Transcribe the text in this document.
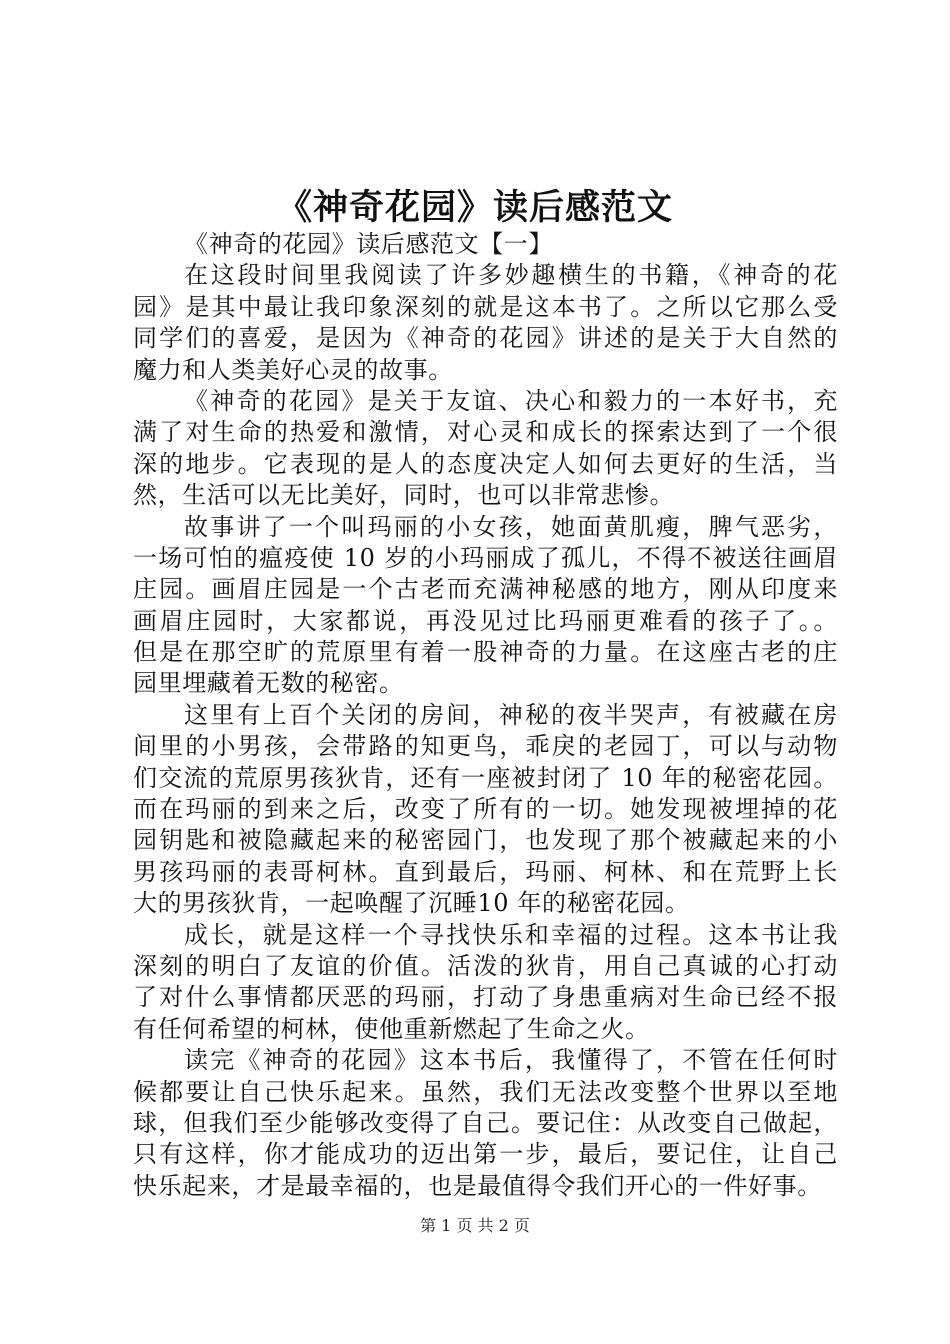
《神奇花园》读后感范文
《神奇的花园》读后感范文【一】
在这段时间里我阅读了许多妙趣横生的书籍，《神奇的花
园》是其中最让我印象深刻的就是这本书了。之所以它那么受
同学们的喜爱，是因为《神奇的花园》讲述的是关于大自然的
魔力和人类美好心灵的故事。
《神奇的花园》是关于友谊、决心和毅力的一本好书，充
满了对生命的热爱和激情，对心灵和成长的探索达到了一个很
深的地步。它表现的是人的态度决定人如何去更好的生活，当
然，生活可以无比美好，同时，也可以非常悲惨。
故事讲了一个叫玛丽的小女孩，她面黄肌瘦，脾气恶劣，
一场可怕的瘟疫使 10 岁的小玛丽成了孤儿，不得不被送往画眉
庄园。画眉庄园是一个古老而充满神秘感的地方，刚从印度来
画眉庄园时，大家都说，再没见过比玛丽更难看的孩子了。。
但是在那空旷的荒原里有着一股神奇的力量。在这座古老的庄
园里埋藏着无数的秘密。
这里有上百个关闭的房间，神秘的夜半哭声，有被藏在房
间里的小男孩，会带路的知更鸟，乖戾的老园丁，可以与动物
们交流的荒原男孩狄肯，还有一座被封闭了 10 年的秘密花园。
而在玛丽的到来之后，改变了所有的一切。她发现被埋掉的花
园钥匙和被隐藏起来的秘密园门，也发现了那个被藏起来的小
男孩玛丽的表哥柯林。直到最后，玛丽、柯林、和在荒野上长
大的男孩狄肯，一起唤醒了沉睡10 年的秘密花园。
成长，就是这样一个寻找快乐和幸福的过程。这本书让我
深刻的明白了友谊的价值。活泼的狄肯，用自己真诚的心打动
了对什么事情都厌恶的玛丽，打动了身患重病对生命已经不报
有任何希望的柯林，使他重新燃起了生命之火。
读完《神奇的花园》这本书后，我懂得了，不管在任何时
候都要让自己快乐起来。虽然，我们无法改变整个世界以至地
球，但我们至少能够改变得了自己。要记住：从改变自己做起，
只有这样，你才能成功的迈出第一步，最后，要记住，让自己
快乐起来，才是最幸福的，也是最值得令我们开心的一件好事。
第 1 页 共 2 页
